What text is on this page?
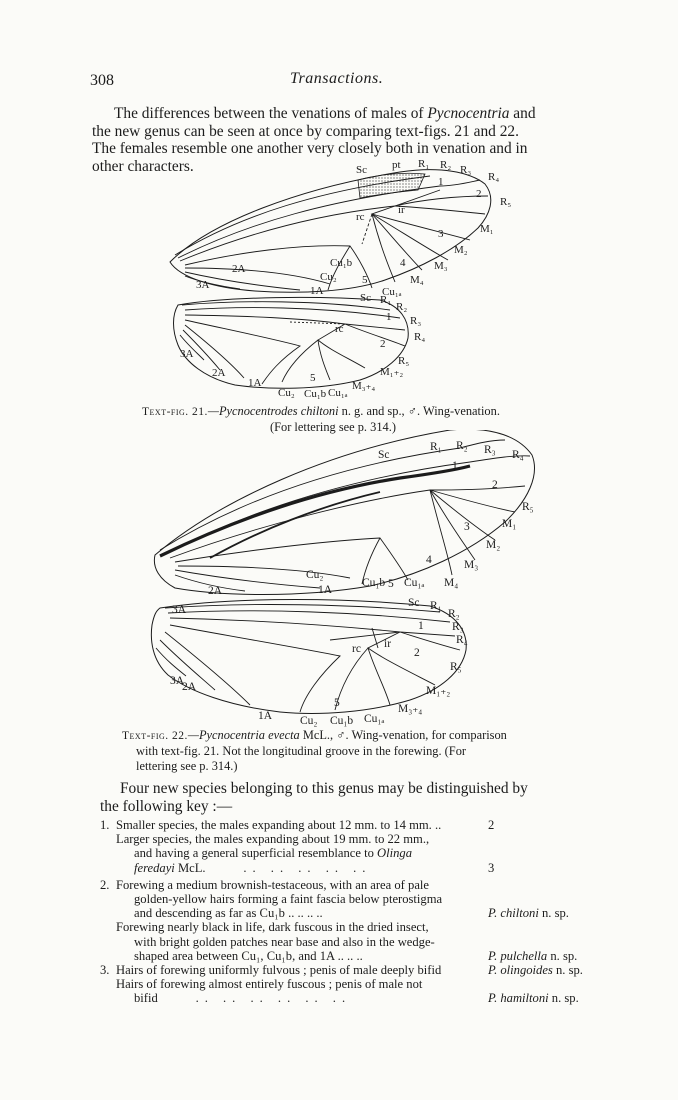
308	Transactions.

The differences between the venations of males of Pycnocentria and

the new genus can be seen at once by comparing text-figs. 21 and 22.

The females resemble one another very closely both in venation and in

other characters.	Sc pt R₁ R₂ R₃
R₄
R₅
1
2
3
4
5
ir
rc
M₁
M₂
M₃
M₄
Cu₁ₐ
Cu₁b
Cu₂
1A
2A
3A
Sc R₁
R₂
R₃
R₄
R₅
1
2
5
rc
M₁₊₂
M₃₊₄
Cu₁ₐ
Cu₁b
Cu₂
1A
2A
3A
Text-fig. 21.—Pycnocentrodes chiltoni n. g. and sp., ♂. Wing-venation.
(For lettering see p. 314.)
Sc
R₁ R₂ R₃ R₄
R₅
1
2
3
4
5
M₁
M₂
M₃
M₄
Cu₁ₐ
Cu₁b
Cu₂
1A
2A
3A
Sc R₁
R₂
R₃
R₄
R₅
1
2
5
ir
rc
M₁₊₂
M₃₊₄
Cu₁ₐ
Cu₁b
Cu₂
1A
2A
3A
Text-fig. 22.—Pycnocentria evecta McL., ♂. Wing-venation, for comparison
with text-fig. 21. Not the longitudinal groove in the forewing. (For
lettering see p. 314.)

Four new species belonging to this genus may be distinguished by

the following key :—

1. Smaller species, the males expanding about 12 mm. to 14 mm. ..	2
Larger species, the males expanding about 19 mm. to 22 mm.,
and having a general superficial resemblance to Olinga
feredayi McL.	.. .. .. .. ..	3
2. Forewing a medium brownish-testaceous, with an area of pale
golden-yellow hairs forming a faint fascia below pterostigma
and descending as far as Cu₁b .. .. .. ..	P. chiltoni n. sp.
Forewing nearly black in life, dark fuscous in the dried insect,
with bright golden patches near base and also in the wedge-
shaped area between Cu₁, Cu₁b, and 1A .. .. ..	P. pulchella n. sp.
3. Hairs of forewing uniformly fulvous ; penis of male deeply bifid	P. olingoides n. sp.
Hairs of forewing almost entirely fuscous ; penis of male not
bifid	.. .. .. .. .. ..	P. hamiltoni n. sp.
